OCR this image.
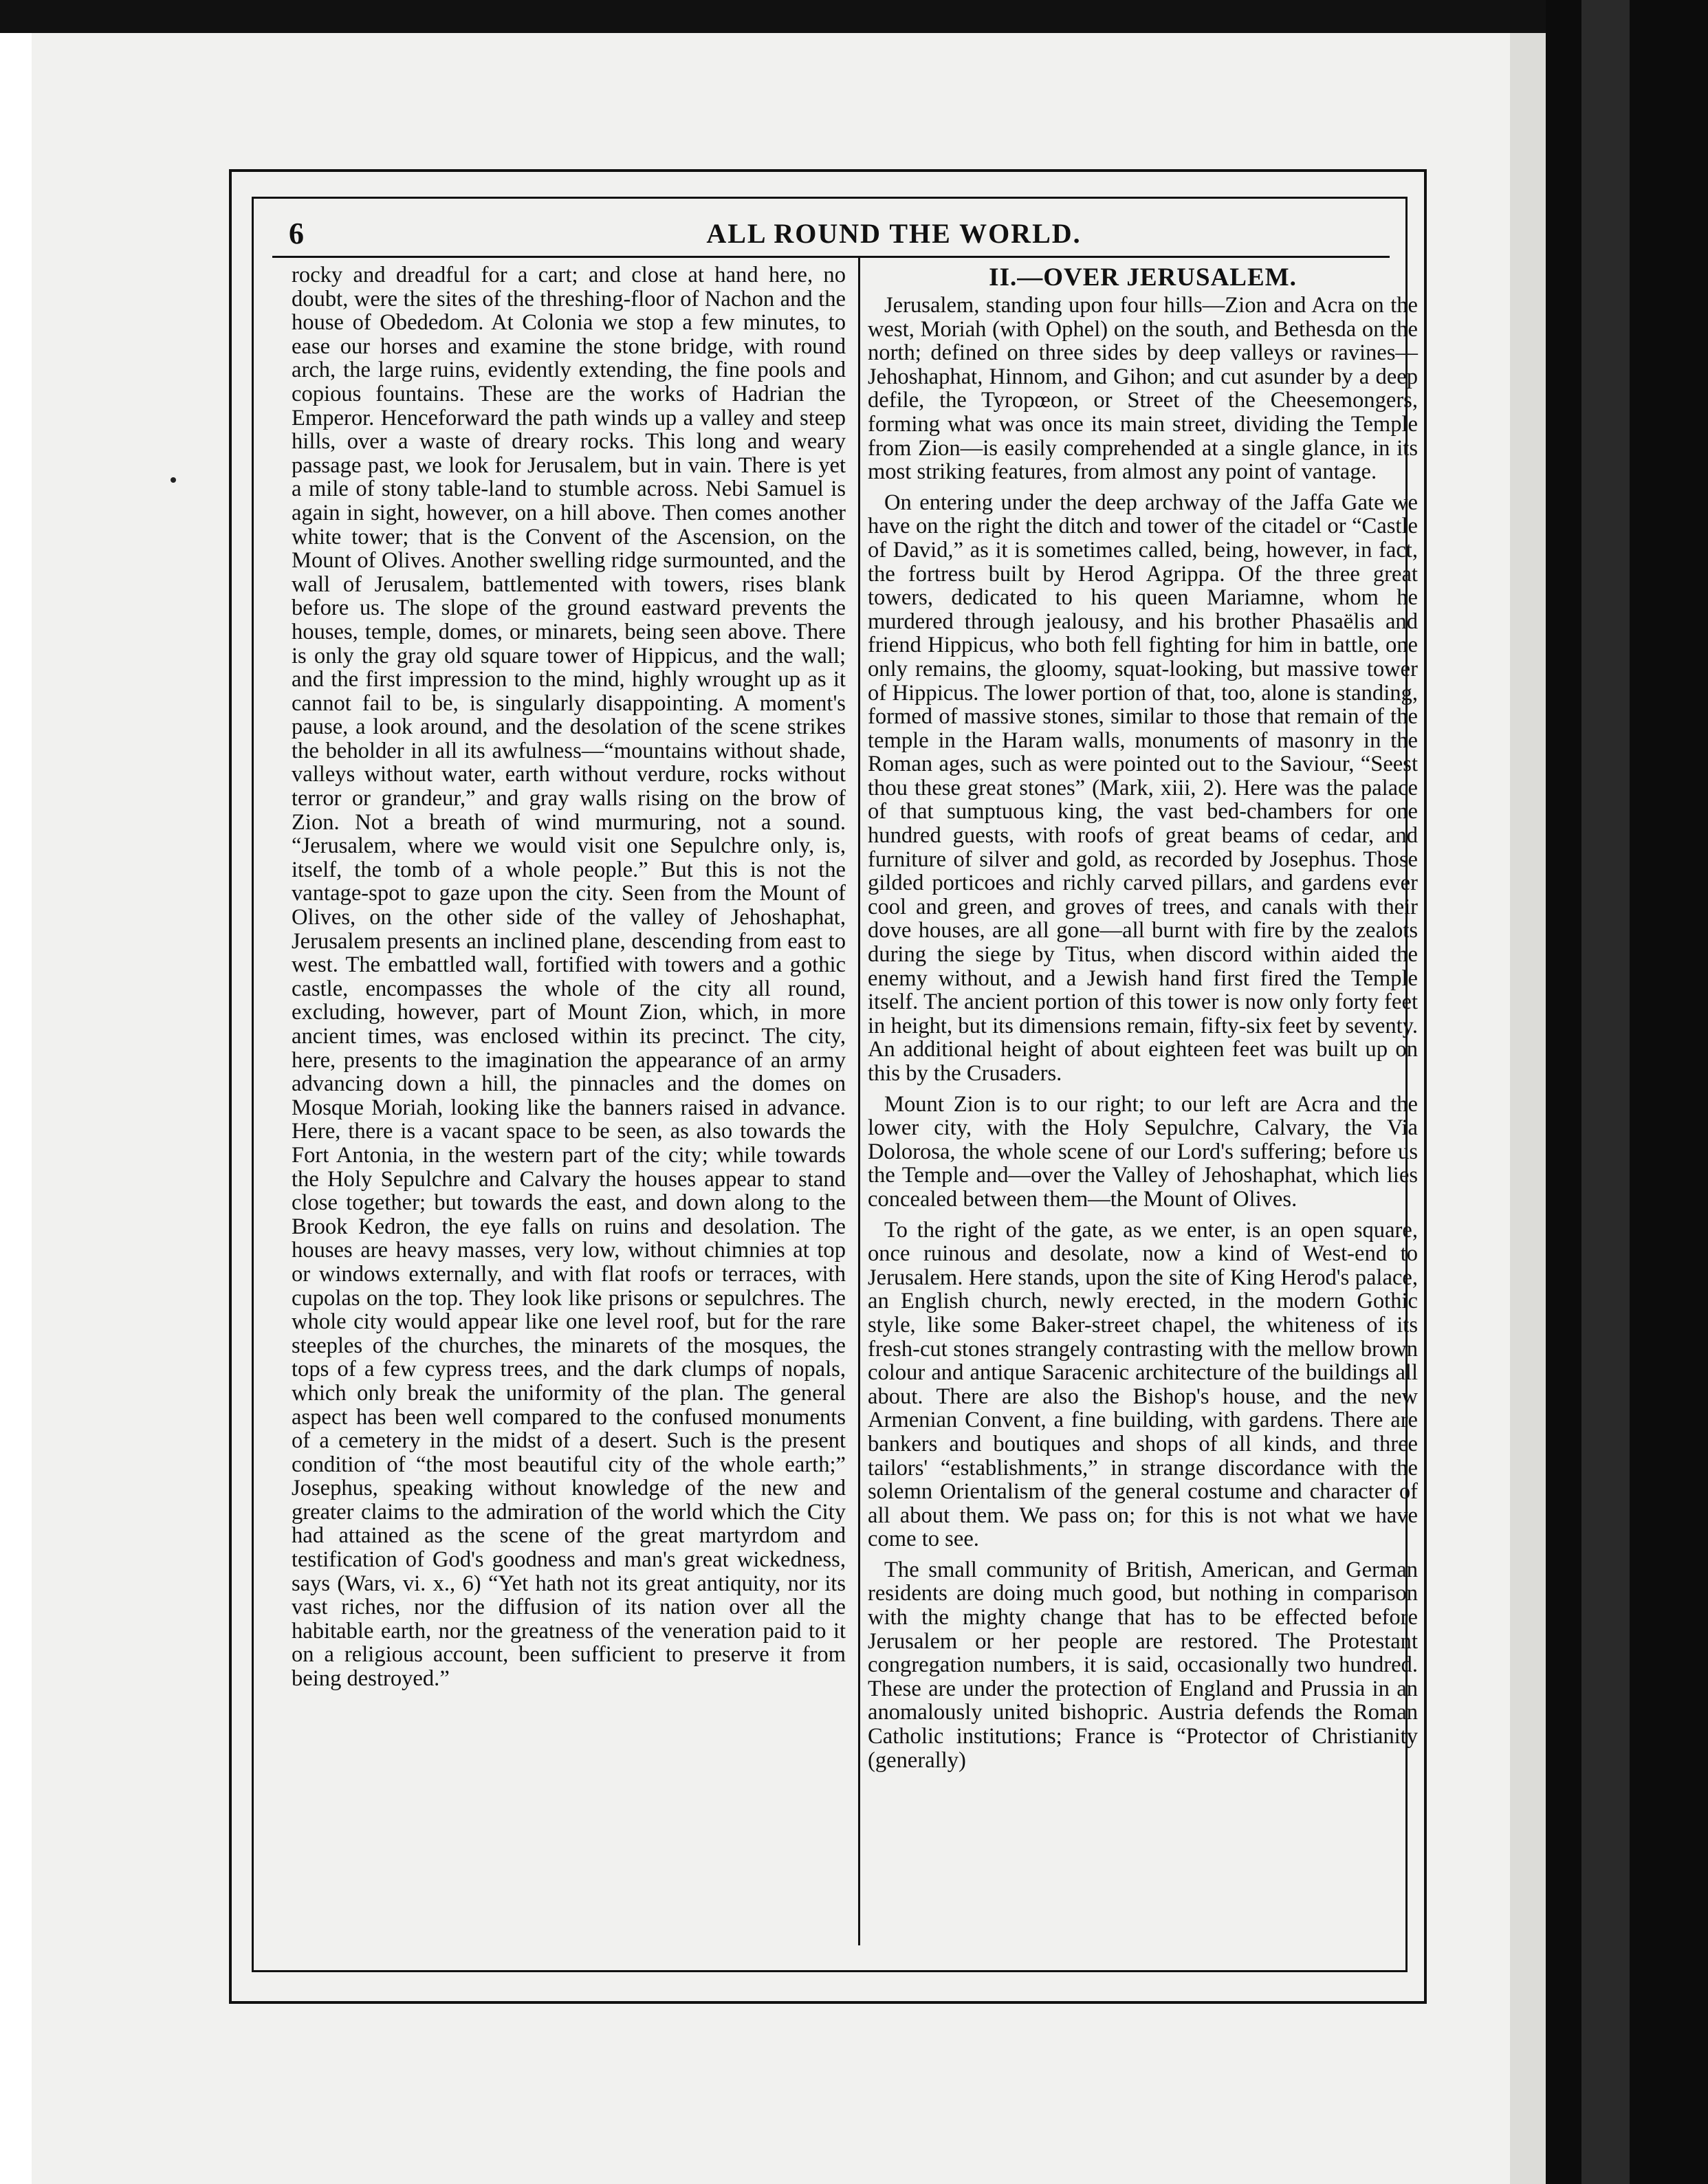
6	ALL ROUND THE WORLD.

rocky and dreadful for a cart; and close at hand here, no doubt, were the sites of the threshing-floor of Nachon and the house of Obededom. At Colonia we stop a few minutes, to ease our horses and examine the stone bridge, with round arch, the large ruins, evidently extending, the fine pools and copious fountains. These are the works of Hadrian the Emperor. Henceforward the path winds up a valley and steep hills, over a waste of dreary rocks. This long and weary passage past, we look for Jerusalem, but in vain. There is yet a mile of stony table-land to stumble across. Nebi Samuel is again in sight, however, on a hill above. Then comes another white tower; that is the Convent of the Ascension, on the Mount of Olives. Another swelling ridge surmounted, and the wall of Jerusalem, battlemented with towers, rises blank before us. The slope of the ground eastward prevents the houses, temple, domes, or minarets, being seen above. There is only the gray old square tower of Hippicus, and the wall; and the first impression to the mind, highly wrought up as it cannot fail to be, is singularly disappointing. A moment's pause, a look around, and the desolation of the scene strikes the beholder in all its awfulness—“mountains without shade, valleys without water, earth without verdure, rocks without terror or grandeur,” and gray walls rising on the brow of Zion. Not a breath of wind murmuring, not a sound. “Jerusalem, where we would visit one Sepulchre only, is, itself, the tomb of a whole people.” But this is not the vantage-spot to gaze upon the city. Seen from the Mount of Olives, on the other side of the valley of Jehoshaphat, Jerusalem presents an inclined plane, descending from east to west. The embattled wall, fortified with towers and a gothic castle, encompasses the whole of the city all round, excluding, however, part of Mount Zion, which, in more ancient times, was enclosed within its precinct. The city, here, presents to the imagination the appearance of an army advancing down a hill, the pinnacles and the domes on Mosque Moriah, looking like the banners raised in advance. Here, there is a vacant space to be seen, as also towards the Fort Antonia, in the western part of the city; while towards the Holy Sepulchre and Calvary the houses appear to stand close together; but towards the east, and down along to the Brook Kedron, the eye falls on ruins and desolation. The houses are heavy masses, very low, without chimnies at top or windows externally, and with flat roofs or terraces, with cupolas on the top. They look like prisons or sepulchres. The whole city would appear like one level roof, but for the rare steeples of the churches, the minarets of the mosques, the tops of a few cypress trees, and the dark clumps of nopals, which only break the uniformity of the plan. The general aspect has been well compared to the confused monuments of a cemetery in the midst of a desert. Such is the present condition of “the most beautiful city of the whole earth;” Josephus, speaking without knowledge of the new and greater claims to the admiration of the world which the City had attained as the scene of the great martyrdom and testification of God's goodness and man's great wickedness, says (Wars, vi. x., 6) “Yet hath not its great antiquity, nor its vast riches, nor the diffusion of its nation over all the habitable earth, nor the greatness of the veneration paid to it on a religious account, been sufficient to preserve it from being destroyed.”

II.—OVER JERUSALEM.

Jerusalem, standing upon four hills—Zion and Acra on the west, Moriah (with Ophel) on the south, and Bethesda on the north; defined on three sides by deep valleys or ravines—Jehoshaphat, Hinnom, and Gihon; and cut asunder by a deep defile, the Tyropœon, or Street of the Cheesemongers, forming what was once its main street, dividing the Temple from Zion—is easily comprehended at a single glance, in its most striking features, from almost any point of vantage.

On entering under the deep archway of the Jaffa Gate we have on the right the ditch and tower of the citadel or “Castle of David,” as it is sometimes called, being, however, in fact, the fortress built by Herod Agrippa. Of the three great towers, dedicated to his queen Mariamne, whom he murdered through jealousy, and his brother Phasaëlis and friend Hippicus, who both fell fighting for him in battle, one only remains, the gloomy, squat-looking, but massive tower of Hippicus. The lower portion of that, too, alone is standing, formed of massive stones, similar to those that remain of the temple in the Haram walls, monuments of masonry in the Roman ages, such as were pointed out to the Saviour, “Seest thou these great stones” (Mark, xiii, 2). Here was the palace of that sumptuous king, the vast bed-chambers for one hundred guests, with roofs of great beams of cedar, and furniture of silver and gold, as recorded by Josephus. Those gilded porticoes and richly carved pillars, and gardens ever cool and green, and groves of trees, and canals with their dove houses, are all gone—all burnt with fire by the zealots during the siege by Titus, when discord within aided the enemy without, and a Jewish hand first fired the Temple itself. The ancient portion of this tower is now only forty feet in height, but its dimensions remain, fifty-six feet by seventy. An additional height of about eighteen feet was built up on this by the Crusaders.

Mount Zion is to our right; to our left are Acra and the lower city, with the Holy Sepulchre, Calvary, the Via Dolorosa, the whole scene of our Lord's suffering; before us the Temple and—over the Valley of Jehoshaphat, which lies concealed between them—the Mount of Olives.

To the right of the gate, as we enter, is an open square, once ruinous and desolate, now a kind of West-end to Jerusalem. Here stands, upon the site of King Herod's palace, an English church, newly erected, in the modern Gothic style, like some Baker-street chapel, the whiteness of its fresh-cut stones strangely contrasting with the mellow brown colour and antique Saracenic architecture of the buildings all about. There are also the Bishop's house, and the new Armenian Convent, a fine building, with gardens. There are bankers and boutiques and shops of all kinds, and three tailors' “establishments,” in strange discordance with the solemn Orientalism of the general costume and character of all about them. We pass on; for this is not what we have come to see.

The small community of British, American, and German residents are doing much good, but nothing in comparison with the mighty change that has to be effected before Jerusalem or her people are restored. The Protestant congregation numbers, it is said, occasionally two hundred. These are under the protection of England and Prussia in an anomalously united bishopric. Austria defends the Roman Catholic institutions; France is “Protector of Christianity (generally)
